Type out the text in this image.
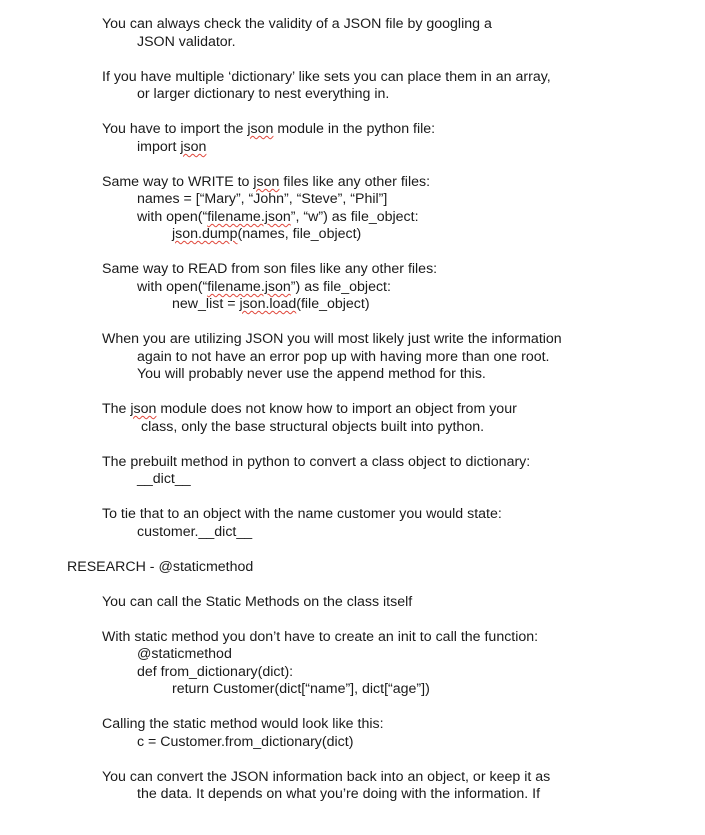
You can always check the validity of a JSON file by googling a
JSON validator.
If you have multiple ‘dictionary’ like sets you can place them in an array,
or larger dictionary to nest everything in.
You have to import the json module in the python file:
import json
Same way to WRITE to json files like any other files:
names = [“Mary”, “John”, “Steve”, “Phil”]
with open(“filename.json”, “w”) as file_object:
json.dump(names, file_object)
Same way to READ from son files like any other files:
with open(“filename.json”) as file_object:
new_list = json.load(file_object)
When you are utilizing JSON you will most likely just write the information
again to not have an error pop up with having more than one root.
You will probably never use the append method for this.
The json module does not know how to import an object from your
class, only the base structural objects built into python.
The prebuilt method in python to convert a class object to dictionary:
__dict__
To tie that to an object with the name customer you would state:
customer.__dict__
RESEARCH - @staticmethod
You can call the Static Methods on the class itself
With static method you don’t have to create an init to call the function:
@staticmethod
def from_dictionary(dict):
return Customer(dict[“name”], dict[“age”])
Calling the static method would look like this:
c = Customer.from_dictionary(dict)
You can convert the JSON information back into an object, or keep it as
the data. It depends on what you’re doing with the information. If
